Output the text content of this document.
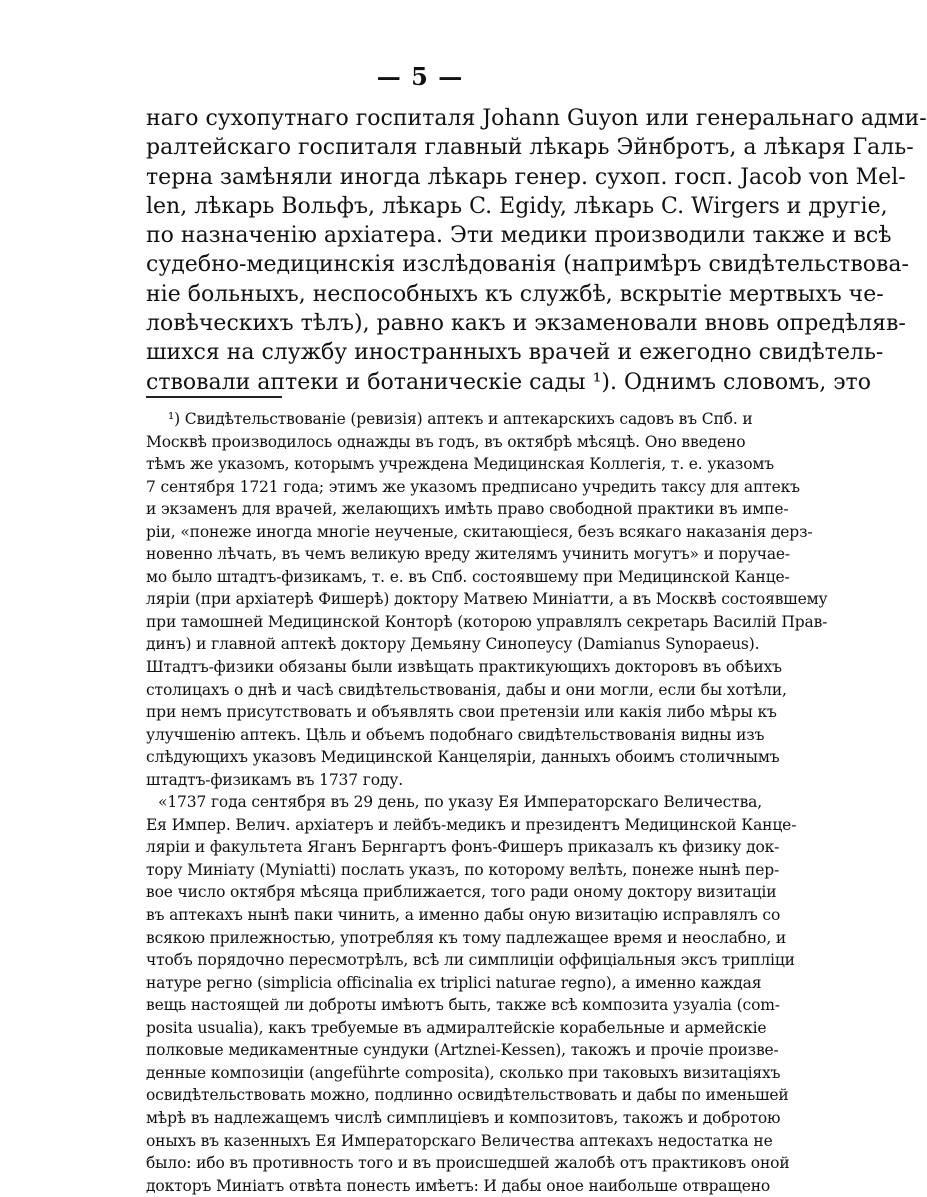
— 5 —
наго сухопутнаго госпиталя Johann Guyon или генеральнаго адми-
ралтейскаго госпиталя главный лѣкарь Эйнбротъ, а лѣкаря Галь-
терна замѣняли иногда лѣкарь генер. сухоп. госп. Jacob von Mel-
len, лѣкарь Вольфъ, лѣкарь C. Egidy, лѣкарь C. Wirgers и другіе,
по назначенію архіатера. Эти медики производили также и всѣ
судебно-медицинскія изслѣдованія (напримѣръ свидѣтельствова-
ніе больныхъ, неспособныхъ къ службѣ, вскрытіе мертвыхъ че-
ловѣческихъ тѣлъ), равно какъ и экзаменовали вновь опредѣляв-
шихся на службу иностранныхъ врачей и ежегодно свидѣтель-
ствовали аптеки и ботаническіе сады ¹). Однимъ словомъ, это
¹) Свидѣтельствованіе (ревизія) аптекъ и аптекарскихъ садовъ въ Спб. и
Москвѣ производилось однажды въ годъ, въ октябрѣ мѣсяцѣ. Оно введено
тѣмъ же указомъ, которымъ учреждена Медицинская Коллегія, т. е. указомъ
7 сентября 1721 года; этимъ же указомъ предписано учредить таксу для аптекъ
и экзаменъ для врачей, желающихъ имѣть право свободной практики въ импе-
ріи, «понеже иногда многіе неученые, скитающіеся, безъ всякаго наказанія дерз-
новенно лѣчать, въ чемъ великую вреду жителямъ учинить могутъ» и поручае-
мо было штадтъ-физикамъ, т. е. въ Спб. состоявшему при Медицинской Канце-
ляріи (при архіатерѣ Фишерѣ) доктору Матвею Миніатти, а въ Москвѣ состоявшему
при тамошней Медицинской Конторѣ (которою управлялъ секретарь Василій Прав-
динъ) и главной аптекѣ доктору Демьяну Синопеусу (Damianus Synopaeus).
Штадтъ-физики обязаны были извѣщать практикующихъ докторовъ въ обѣихъ
столицахъ о днѣ и часѣ свидѣтельствованія, дабы и они могли, если бы хотѣли,
при немъ присутствовать и объявлять свои претензіи или какія либо мѣры къ
улучшенію аптекъ. Цѣль и объемъ подобнаго свидѣтельствованія видны изъ
слѣдующихъ указовъ Медицинской Канцеляріи, данныхъ обоимъ столичнымъ
штадтъ-физикамъ въ 1737 году.
«1737 года сентября въ 29 день, по указу Ея Императорскаго Величества,
Ея Импер. Велич. архіатеръ и лейбъ-медикъ и президентъ Медицинской Канце-
ляріи и факультета Яганъ Бернгартъ фонъ-Фишеръ приказалъ къ физику док-
тору Миніату (Myniatti) послать указъ, по которому велѣть, понеже нынѣ пер-
вое число октября мѣсяца приближается, того ради оному доктору визитаціи
въ аптекахъ нынѣ паки чинить, а именно дабы оную визитацію исправлялъ со
всякою прилежностью, употребляя къ тому падлежащее время и неослабно, и
чтобъ порядочно пересмотрѣлъ, всѣ ли симплиціи оффиціальныя эксъ трипліци
натуре регно (simplicia officinalia ex triplici naturae regno), а именно каждая
вещь настоящей ли доброты имѣютъ быть, также всѣ композита узуаліа (com-
posita usualia), какъ требуемые въ адмиралтейскіе корабельные и армейскіе
полковые медикаментные сундуки (Artznei-Kessen), такожъ и прочіе произве-
денные композиціи (angeführte composita), сколько при таковыхъ визитаціяхъ
освидѣтельствовать можно, подлинно освидѣтельствовать и дабы по именьшей
мѣрѣ въ надлежащемъ числѣ симплиціевъ и композитовъ, такожъ и добротою
оныхъ въ казенныхъ Ея Императорскаго Величества аптекахъ недостатка не
было: ибо въ противность того и въ происшедшей жалобѣ отъ практиковъ оной
докторъ Миніатъ отвѣта понесть имѣетъ: И дабы оное наибольше отвращено
